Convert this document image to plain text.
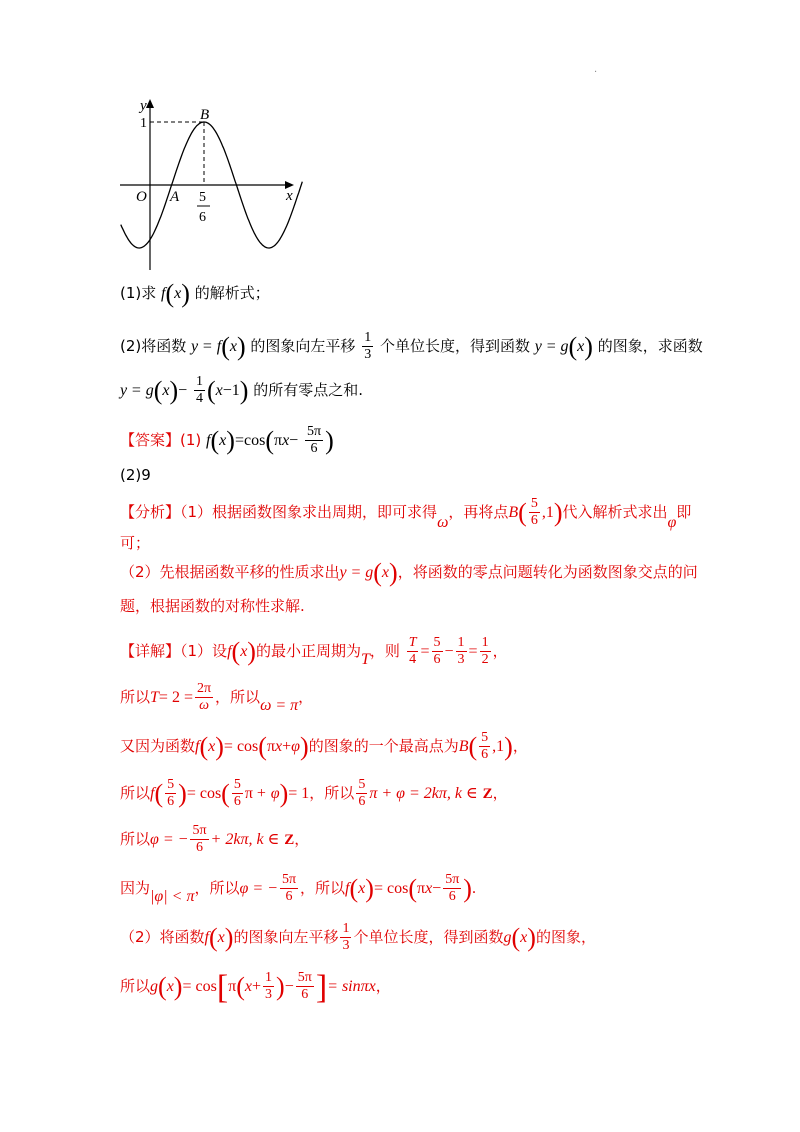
.
y
x
O A
B
1
5
6
(1)求 f(x) 的解析式；
(2)将函数 y = f(x) 的图象向左平移 $\frac{1}{3}$ 个单位长度，得到函数 y = g(x) 的图象，求函数
$y = g(x)- \frac{1}{4} (x-1)$ 的所有零点之和.
【答案】(1) $f(x)=\cos(\pi x- \frac{5\pi}{6}$ )
(2)9
【分析】（1）根据函数图象求出周期，即可求得ω，再将点$B( \frac{5}{6} ,1)$代入解析式求出φ即
可；
（2）先根据函数平移的性质求出y = g(x)，将函数的零点问题转化为函数图象交点的问
题，根据函数的对称性求解.
【详解】（1）设f(x)的最小正周期为T，则 $\frac{T}{4} = \frac{5}{6} - \frac{1}{3} = \frac{1}{2}$ ，
所以$T= 2 = \frac{2\pi}{\omega}$ ，所以ω = π，
又因为函数f(x)= cos(πx+φ)的图象的一个最高点为$B( \frac{5}{6} ,1)$，
所以$f( \frac{5}{6}$ )= $\cos( \frac{5}{6}$ π + φ)= 1，所以 $\frac{5}{6}$ π + φ = 2kπ, k ∈ Z，
所以φ = − $\frac{5\pi}{6} + 2k\pi$, k ∈ Z，
因为|φ| < π，所以φ = − $\frac{5\pi}{6}$ ，所以$f(x)= \cos(\pi x- \frac{5\pi}{6}$ ).
（2）将函数f(x)的图象向左平移 $\frac{1}{3}$ 个单位长度，得到函数g(x)的图象，
所以$g(x)= \cos[\pi(x+ \frac{1}{3}$ )− $\frac{5\pi}{6}$ ]= sinπx，
